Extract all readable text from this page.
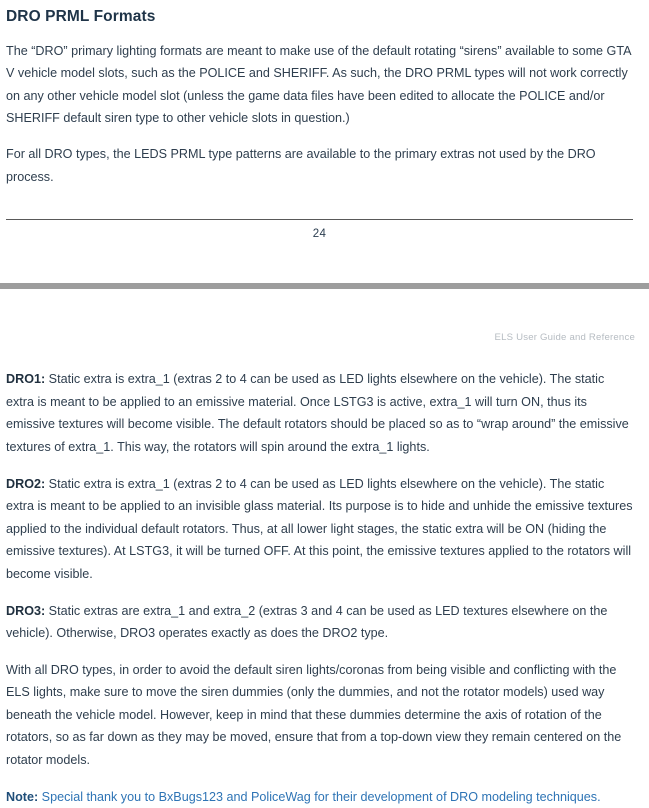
DRO PRML Formats

The “DRO” primary lighting formats are meant to make use of the default rotating “sirens” available to some GTA V vehicle model slots, such as the POLICE and SHERIFF. As such, the DRO PRML types will not work correctly on any other vehicle model slot (unless the game data files have been edited to allocate the POLICE and/or SHERIFF default siren type to other vehicle slots in question.)

For all DRO types, the LEDS PRML type patterns are available to the primary extras not used by the DRO process.

24
ELS User Guide and Reference

DRO1: Static extra is extra_1 (extras 2 to 4 can be used as LED lights elsewhere on the vehicle). The static extra is meant to be applied to an emissive material. Once LSTG3 is active, extra_1 will turn ON, thus its emissive textures will become visible. The default rotators should be placed so as to “wrap around” the emissive textures of extra_1. This way, the rotators will spin around the extra_1 lights.

DRO2: Static extra is extra_1 (extras 2 to 4 can be used as LED lights elsewhere on the vehicle). The static extra is meant to be applied to an invisible glass material. Its purpose is to hide and unhide the emissive textures applied to the individual default rotators. Thus, at all lower light stages, the static extra will be ON (hiding the emissive textures). At LSTG3, it will be turned OFF. At this point, the emissive textures applied to the rotators will become visible.

DRO3: Static extras are extra_1 and extra_2 (extras 3 and 4 can be used as LED textures elsewhere on the vehicle). Otherwise, DRO3 operates exactly as does the DRO2 type.

With all DRO types, in order to avoid the default siren lights/coronas from being visible and conflicting with the ELS lights, make sure to move the siren dummies (only the dummies, and not the rotator models) used way beneath the vehicle model. However, keep in mind that these dummies determine the axis of rotation of the rotators, so as far down as they may be moved, ensure that from a top-down view they remain centered on the rotator models.

Note: Special thank you to BxBugs123 and PoliceWag for their development of DRO modeling techniques.
